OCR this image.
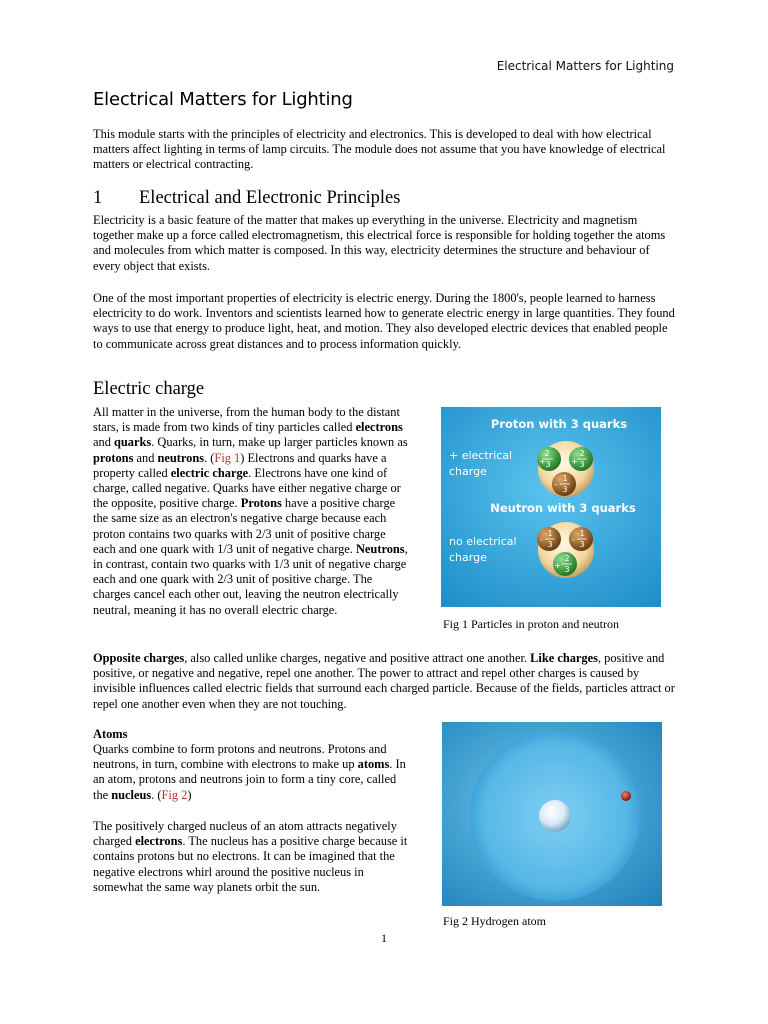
Electrical Matters for Lighting
Electrical Matters for Lighting

This module starts with the principles of electricity and electronics. This is developed to deal with how electrical matters affect lighting in terms of lamp circuits. The module does not assume that you have knowledge of electrical matters or electrical contracting.

1 Electrical and Electronic Principles

Electricity is a basic feature of the matter that makes up everything in the universe. Electricity and magnetism together make up a force called electromagnetism, this electrical force is responsible for holding together the atoms and molecules from which matter is composed. In this way, electricity determines the structure and behaviour of every object that exists.

One of the most important properties of electricity is electric energy. During the 1800's, people learned to harness electricity to do work. Inventors and scientists learned how to generate electric energy in large quantities. They found ways to use that energy to produce light, heat, and motion. They also developed electric devices that enabled people to communicate across great distances and to process information quickly.

Electric charge

All matter in the universe, from the human body to the distant stars, is made from two kinds of tiny particles called electrons and quarks. Quarks, in turn, make up larger particles known as protons and neutrons. (Fig 1) Electrons and quarks have a property called electric charge. Electrons have one kind of charge, called negative. Quarks have either negative charge or the opposite, positive charge. Protons have a positive charge the same size as an electron's negative charge because each proton contains two quarks with 2/3 unit of positive charge each and one quark with 1/3 unit of negative charge. Neutrons, in contrast, contain two quarks with 1/3 unit of negative charge each and one quark with 2/3 unit of positive charge. The charges cancel each other out, leaving the neutron electrically neutral, meaning it has no overall electric charge.

Proton with 3 quarks
+ electrical
charge
2
3
+
2
3
+
1
3
-
Neutron with 3 quarks
no electrical
charge
1
3
-
1
3
-
2
3
+
Fig 1 Particles in proton and neutron

Opposite charges, also called unlike charges, negative and positive attract one another. Like charges, positive and positive, or negative and negative, repel one another. The power to attract and repel other charges is caused by invisible influences called electric fields that surround each charged particle. Because of the fields, particles attract or repel one another even when they are not touching.

Atoms

Quarks combine to form protons and neutrons. Protons and neutrons, in turn, combine with electrons to make up atoms. In an atom, protons and neutrons join to form a tiny core, called the nucleus. (Fig 2)

The positively charged nucleus of an atom attracts negatively charged electrons. The nucleus has a positive charge because it contains protons but no electrons. It can be imagined that the negative electrons whirl around the positive nucleus in somewhat the same way planets orbit the sun.

Fig 2 Hydrogen atom
1
